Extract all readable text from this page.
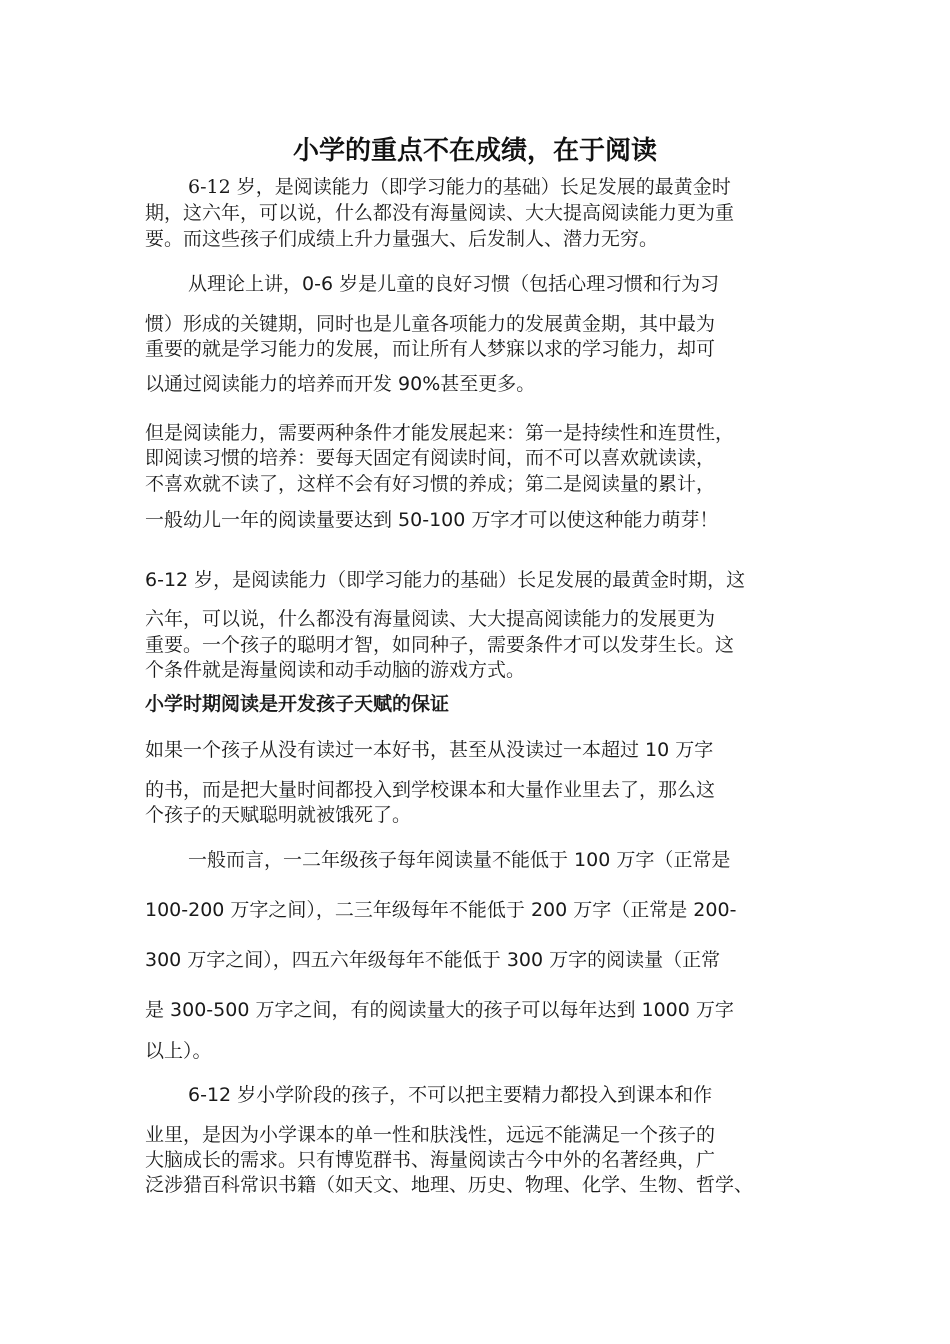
小学的重点不在成绩，在于阅读
6-12 岁，是阅读能力（即学习能力的基础）长足发展的最黄金时
期，这六年，可以说，什么都没有海量阅读、大大提高阅读能力更为重
要。而这些孩子们成绩上升力量强大、后发制人、潜力无穷。
从理论上讲，0-6 岁是儿童的良好习惯（包括心理习惯和行为习
惯）形成的关键期，同时也是儿童各项能力的发展黄金期，其中最为
重要的就是学习能力的发展，而让所有人梦寐以求的学习能力，却可
以通过阅读能力的培养而开发 90%甚至更多。
但是阅读能力，需要两种条件才能发展起来：第一是持续性和连贯性，
即阅读习惯的培养：要每天固定有阅读时间，而不可以喜欢就读读，
不喜欢就不读了，这样不会有好习惯的养成；第二是阅读量的累计，
一般幼儿一年的阅读量要达到 50-100 万字才可以使这种能力萌芽！
6-12 岁，是阅读能力（即学习能力的基础）长足发展的最黄金时期，这
六年，可以说，什么都没有海量阅读、大大提高阅读能力的发展更为
重要。一个孩子的聪明才智，如同种子，需要条件才可以发芽生长。这
个条件就是海量阅读和动手动脑的游戏方式。
小学时期阅读是开发孩子天赋的保证
如果一个孩子从没有读过一本好书，甚至从没读过一本超过 10 万字
的书，而是把大量时间都投入到学校课本和大量作业里去了，那么这
个孩子的天赋聪明就被饿死了。
一般而言，一二年级孩子每年阅读量不能低于 100 万字（正常是
100-200 万字之间），二三年级每年不能低于 200 万字（正常是 200-
300 万字之间），四五六年级每年不能低于 300 万字的阅读量（正常
是 300-500 万字之间，有的阅读量大的孩子可以每年达到 1000 万字
以上）。
6-12 岁小学阶段的孩子，不可以把主要精力都投入到课本和作
业里，是因为小学课本的单一性和肤浅性，远远不能满足一个孩子的
大脑成长的需求。只有博览群书、海量阅读古今中外的名著经典，广
泛涉猎百科常识书籍（如天文、地理、历史、物理、化学、生物、哲学、
